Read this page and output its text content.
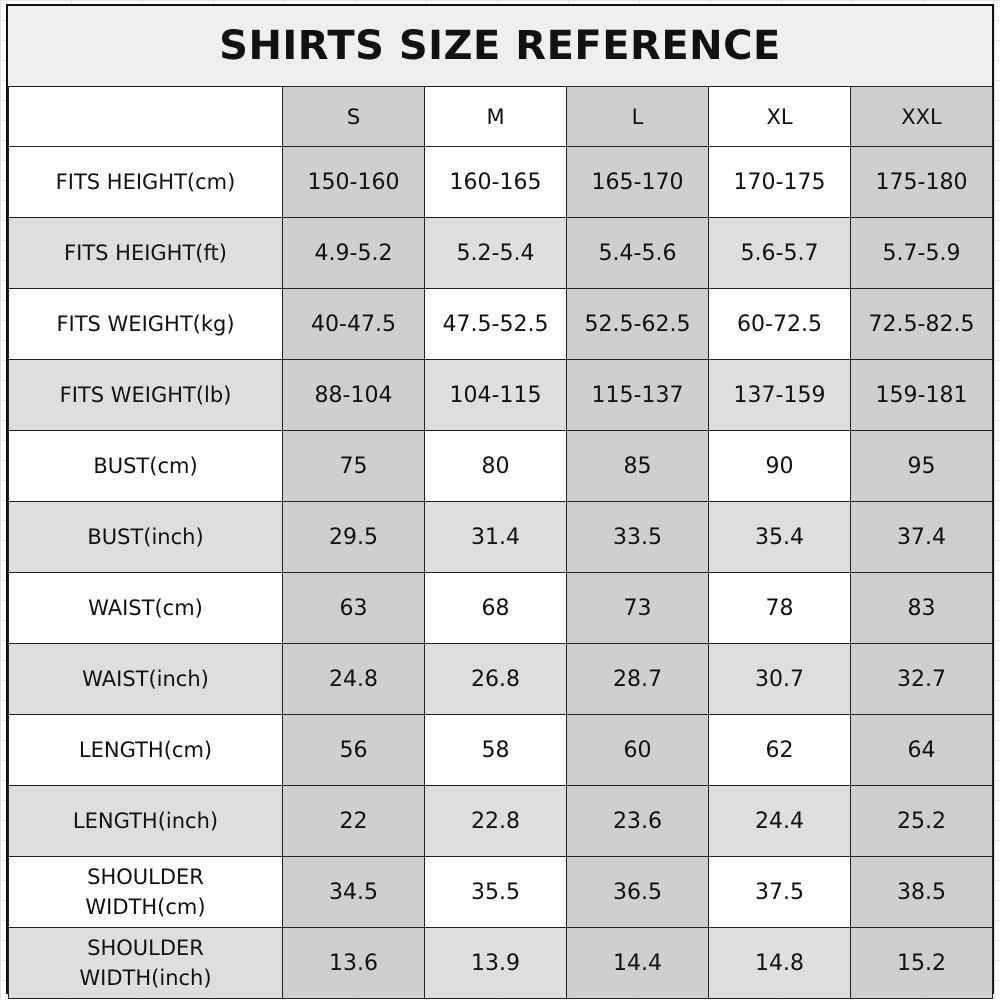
SHIRTS SIZE REFERENCE
	S	M	L	XL	XXL

FITS HEIGHT(cm)	150-160	160-165	165-170	170-175	175-180

FITS HEIGHT(ft)	4.9-5.2	5.2-5.4	5.4-5.6	5.6-5.7	5.7-5.9

FITS WEIGHT(kg)	40-47.5	47.5-52.5	52.5-62.5	60-72.5	72.5-82.5

FITS WEIGHT(lb)	88-104	104-115	115-137	137-159	159-181

BUST(cm)	75	80	85	90	95

BUST(inch)	29.5	31.4	33.5	35.4	37.4

WAIST(cm)	63	68	73	78	83

WAIST(inch)	24.8	26.8	28.7	30.7	32.7

LENGTH(cm)	56	58	60	62	64

LENGTH(inch)	22	22.8	23.6	24.4	25.2

SHOULDER
WIDTH(cm)	34.5	35.5	36.5	37.5	38.5

SHOULDER
WIDTH(inch)	13.6	13.9	14.4	14.8	15.2
